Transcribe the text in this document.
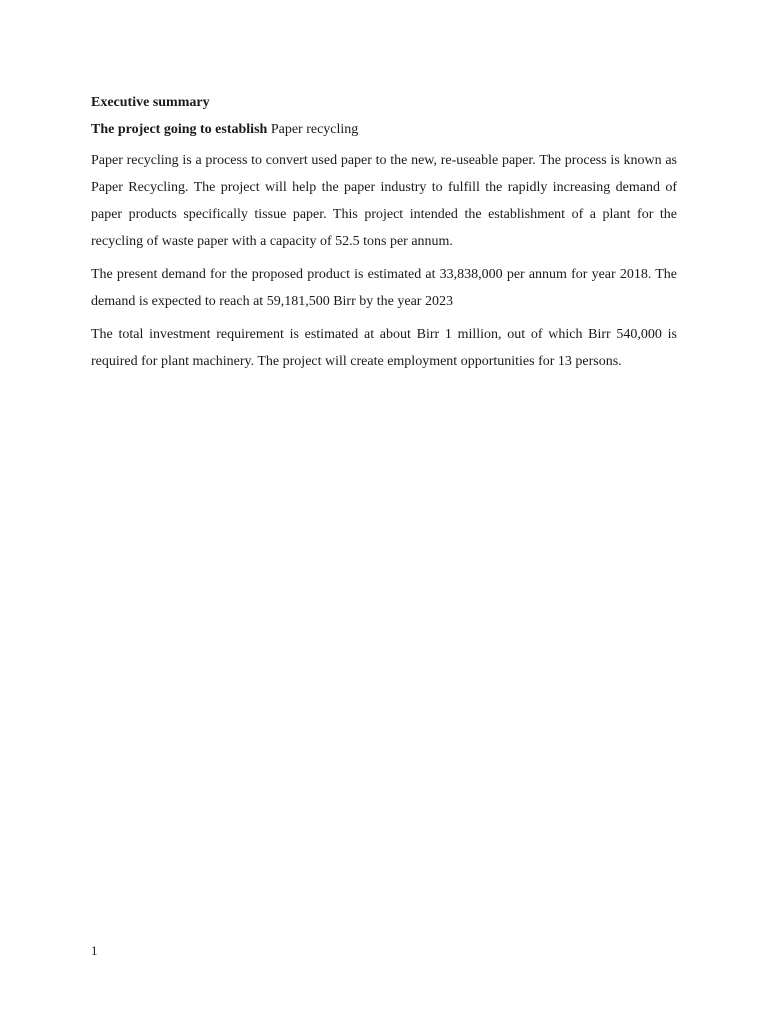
Executive summary
The project going to establish Paper recycling

Paper recycling is a process to convert used paper to the new, re-useable paper. The process is known as Paper Recycling. The project will help the paper industry to fulfill the rapidly increasing demand of paper products specifically tissue paper. This project intended the establishment of a plant for the recycling of waste paper with a capacity of 52.5 tons per annum.

The present demand for the proposed product is estimated at 33,838,000 per annum for year 2018. The demand is expected to reach at 59,181,500 Birr by the year 2023

The total investment requirement is estimated at about Birr 1 million, out of which Birr 540,000 is required for plant machinery. The project will create employment opportunities for 13 persons.

1
